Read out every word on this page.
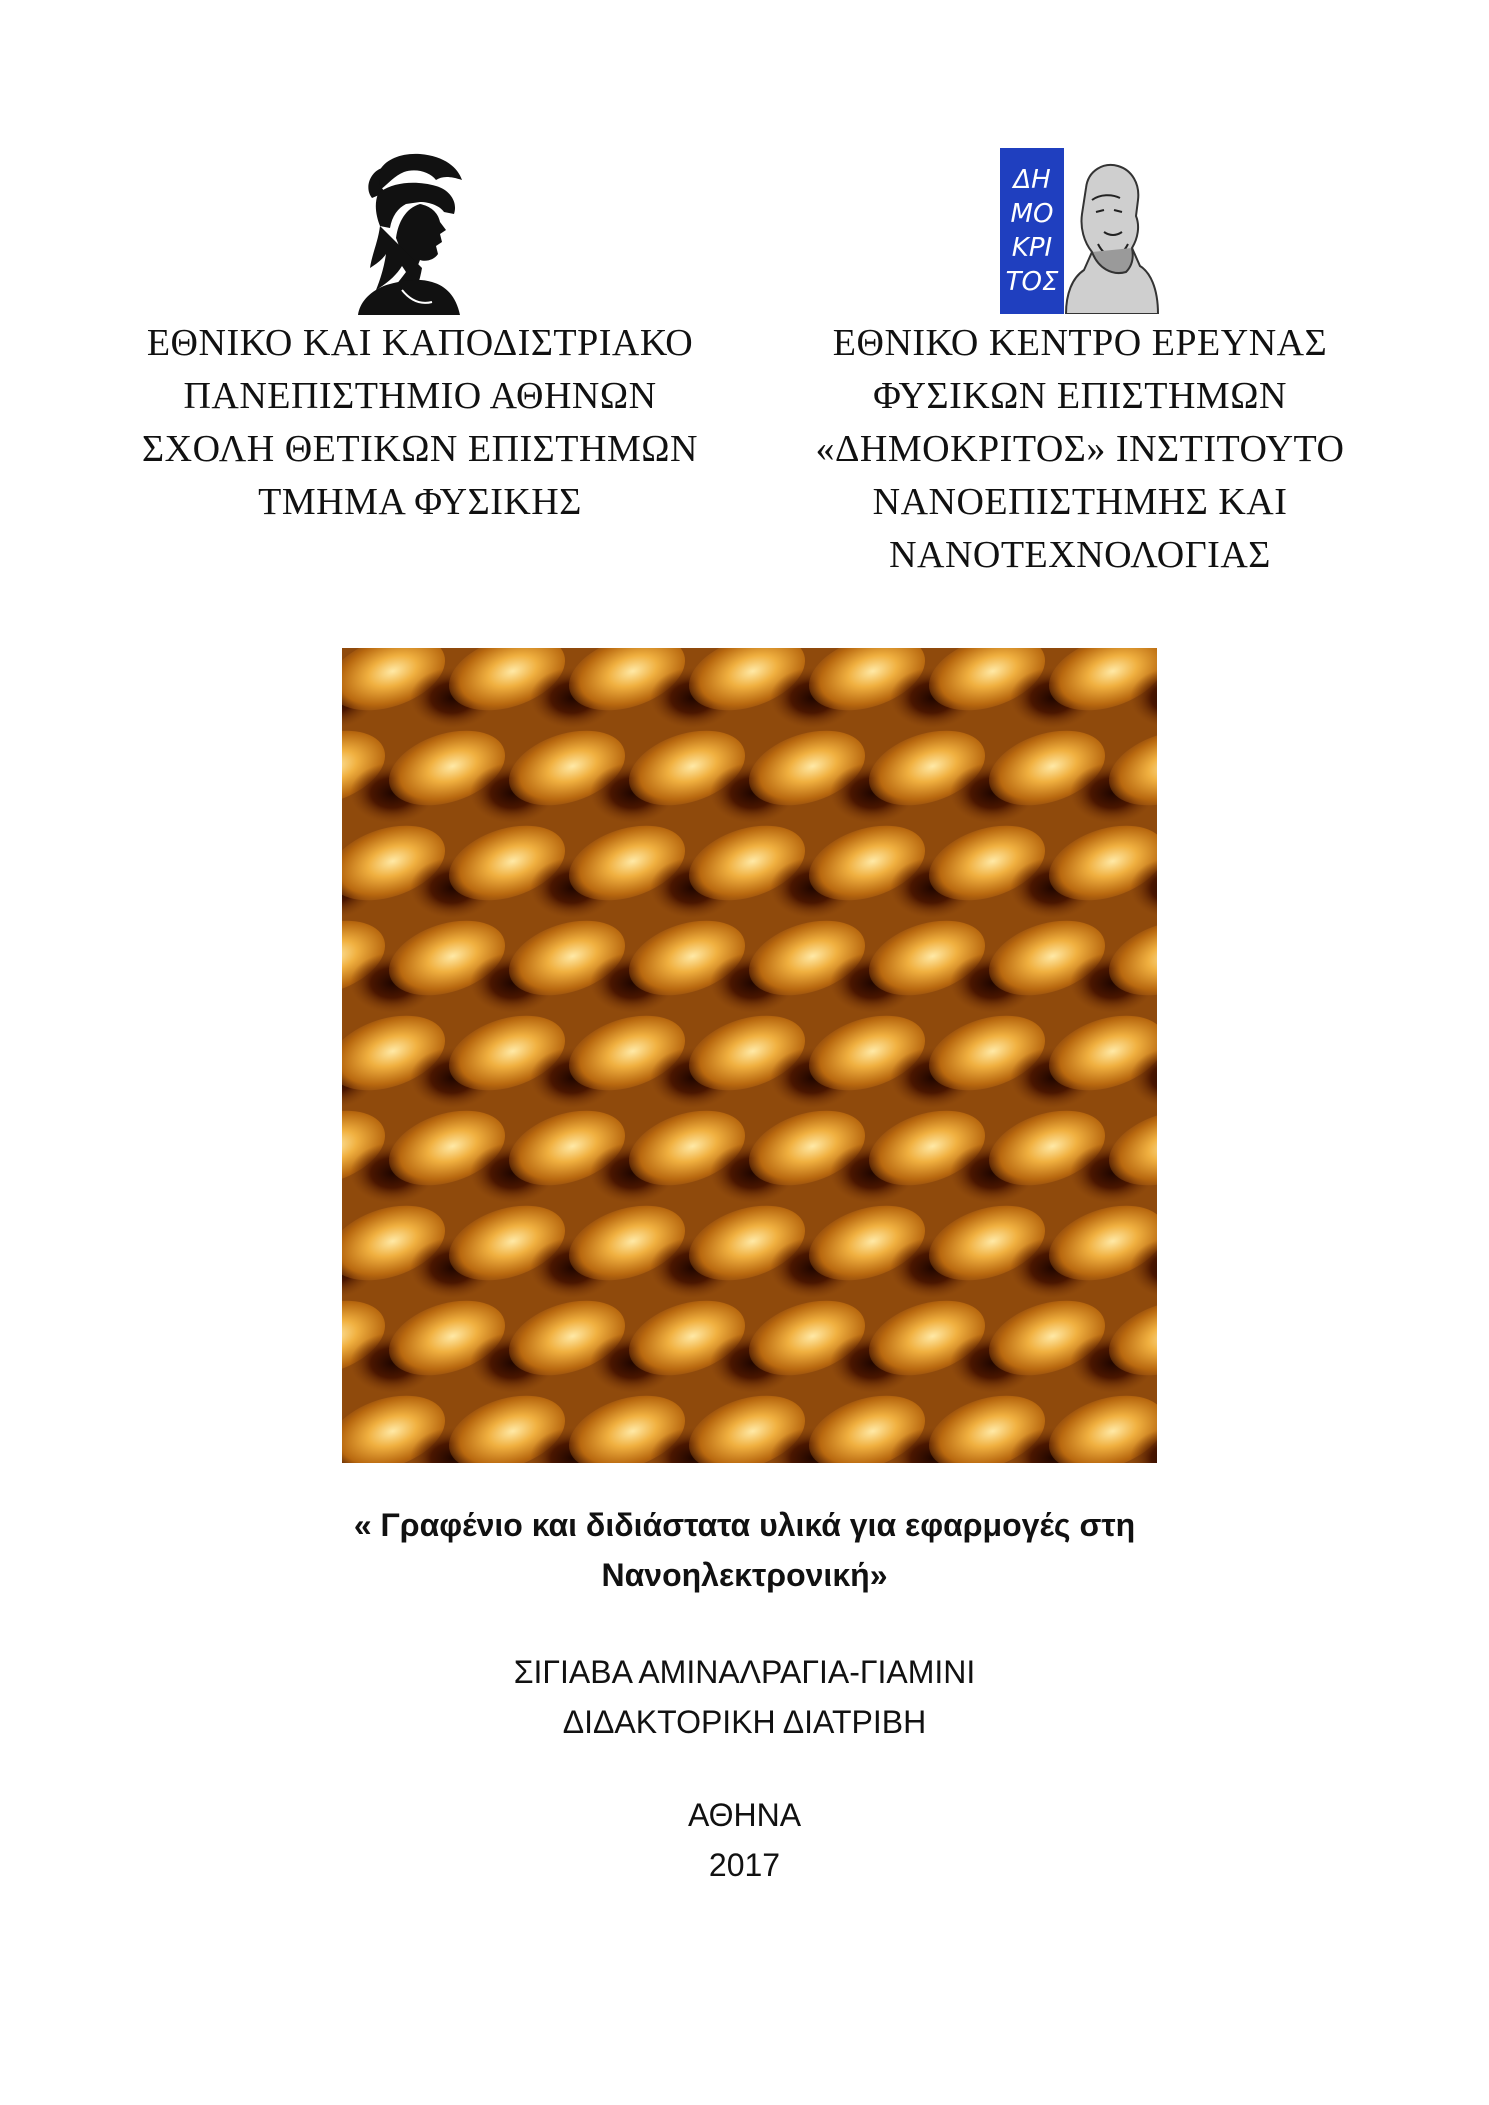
ΔΗ
ΜΟ
ΚΡΙ
ΤΟΣ
ΕΘΝΙΚΟ ΚΑΙ ΚΑΠΟΔΙΣΤΡΙΑΚΟ
ΠΑΝΕΠΙΣΤΗΜΙΟ ΑΘΗΝΩΝ
ΣΧΟΛΗ ΘΕΤΙΚΩΝ ΕΠΙΣΤΗΜΩΝ
ΤΜΗΜΑ ΦΥΣΙΚΗΣ
ΕΘΝΙΚΟ ΚΕΝΤΡΟ ΕΡΕΥΝΑΣ
ΦΥΣΙΚΩΝ ΕΠΙΣΤΗΜΩΝ
«ΔΗΜΟΚΡΙΤΟΣ» ΙΝΣΤΙΤΟΥΤΟ
ΝΑΝΟΕΠΙΣΤΗΜΗΣ ΚΑΙ
ΝΑΝΟΤΕΧΝΟΛΟΓΙΑΣ
« Γραφένιο και διδιάστατα υλικά για εφαρμογές στη
Νανοηλεκτρονική»
ΣΙΓΙΑΒΑ ΑΜΙΝΑΛΡΑΓΙΑ-ΓΙΑΜΙΝΙ
ΔΙΔΑΚΤΟΡΙΚΗ ΔΙΑΤΡΙΒΗ
ΑΘΗΝΑ
2017
